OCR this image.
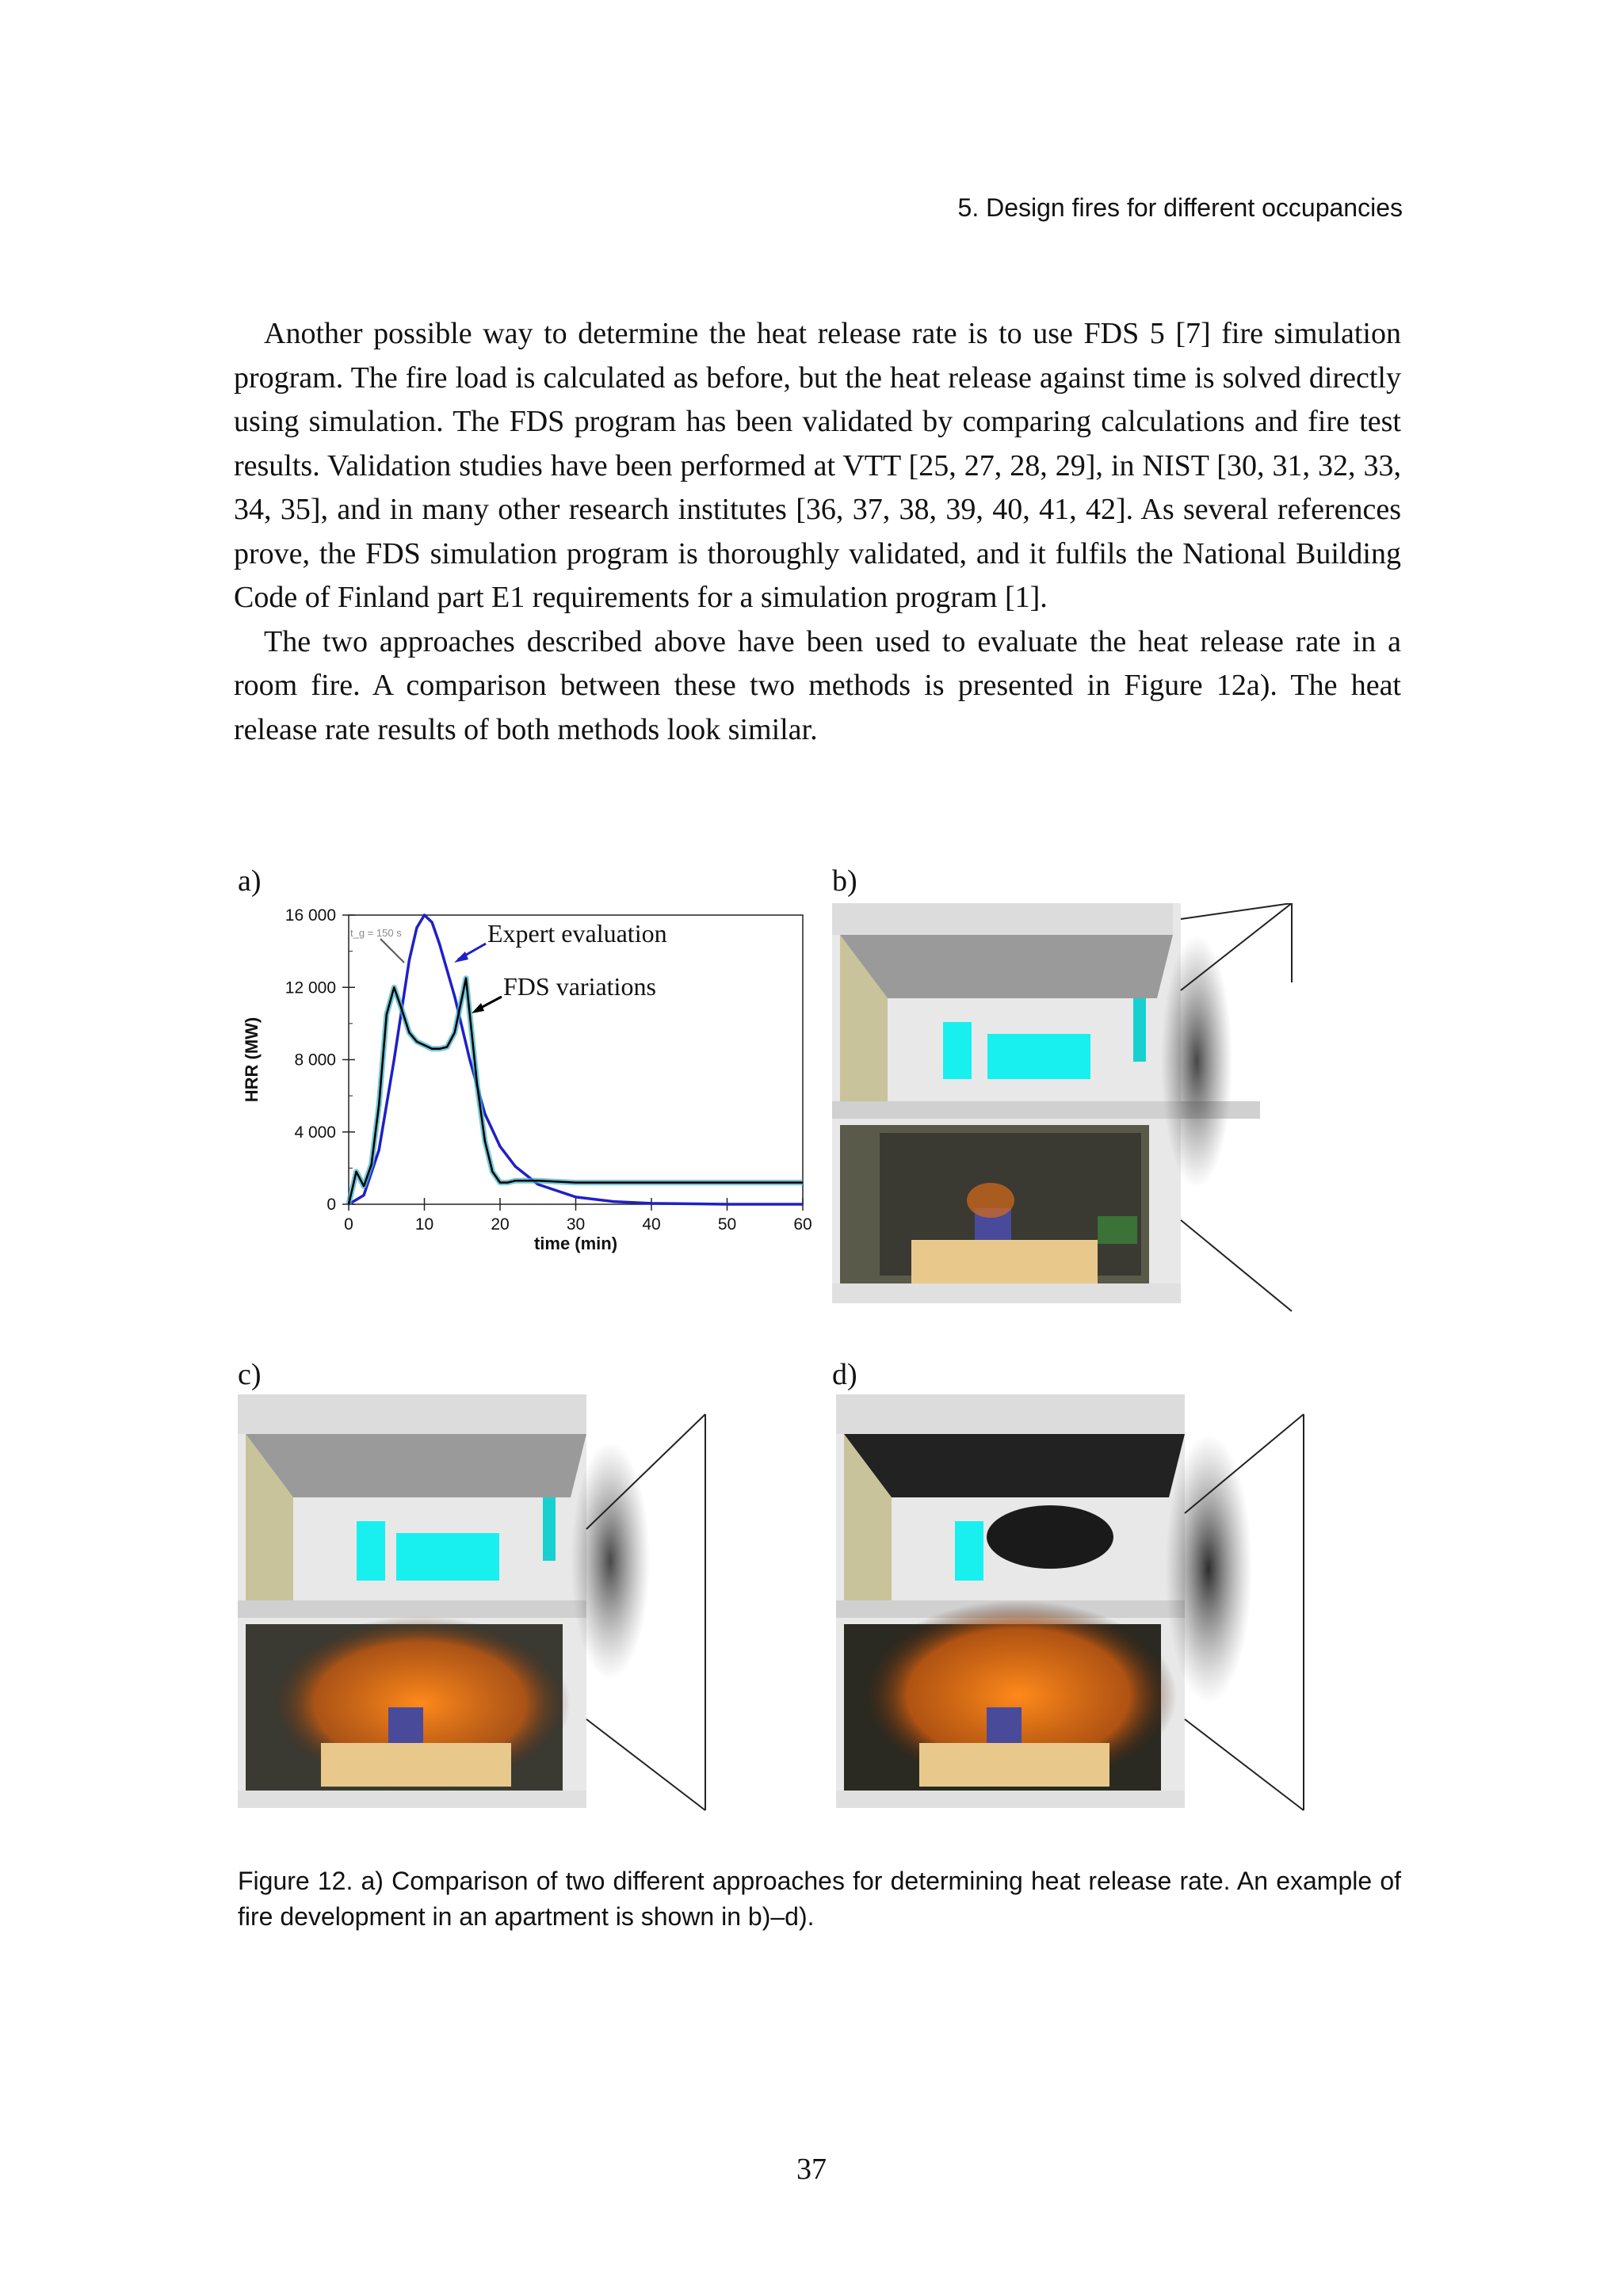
5. Design fires for different occupancies

Another possible way to determine the heat release rate is to use FDS 5 [7] fire simulation program. The fire load is calculated as before, but the heat release against time is solved directly using simulation. The FDS program has been validated by comparing calculations and fire test results. Validation studies have been performed at VTT [25, 27, 28, 29], in NIST [30, 31, 32, 33, 34, 35], and in many other research institutes [36, 37, 38, 39, 40, 41, 42]. As several references prove, the FDS simulation program is thoroughly validated, and it fulfils the National Building Code of Finland part E1 requirements for a simulation program [1].

The two approaches described above have been used to evaluate the heat release rate in a room fire. A comparison between these two methods is presented in Figure 12a). The heat release rate results of both methods look similar.

a)	b)
c)	d)
0
4 000
8 000
12 000
16 000
0	10	20	30	40	50	60
time (min)
HRR (MW)
t_g = 150 s	Expert evaluation
FDS variations
Figure 12. a) Comparison of two different approaches for determining heat release rate. An example of fire development in an apartment is shown in b)–d).
37
